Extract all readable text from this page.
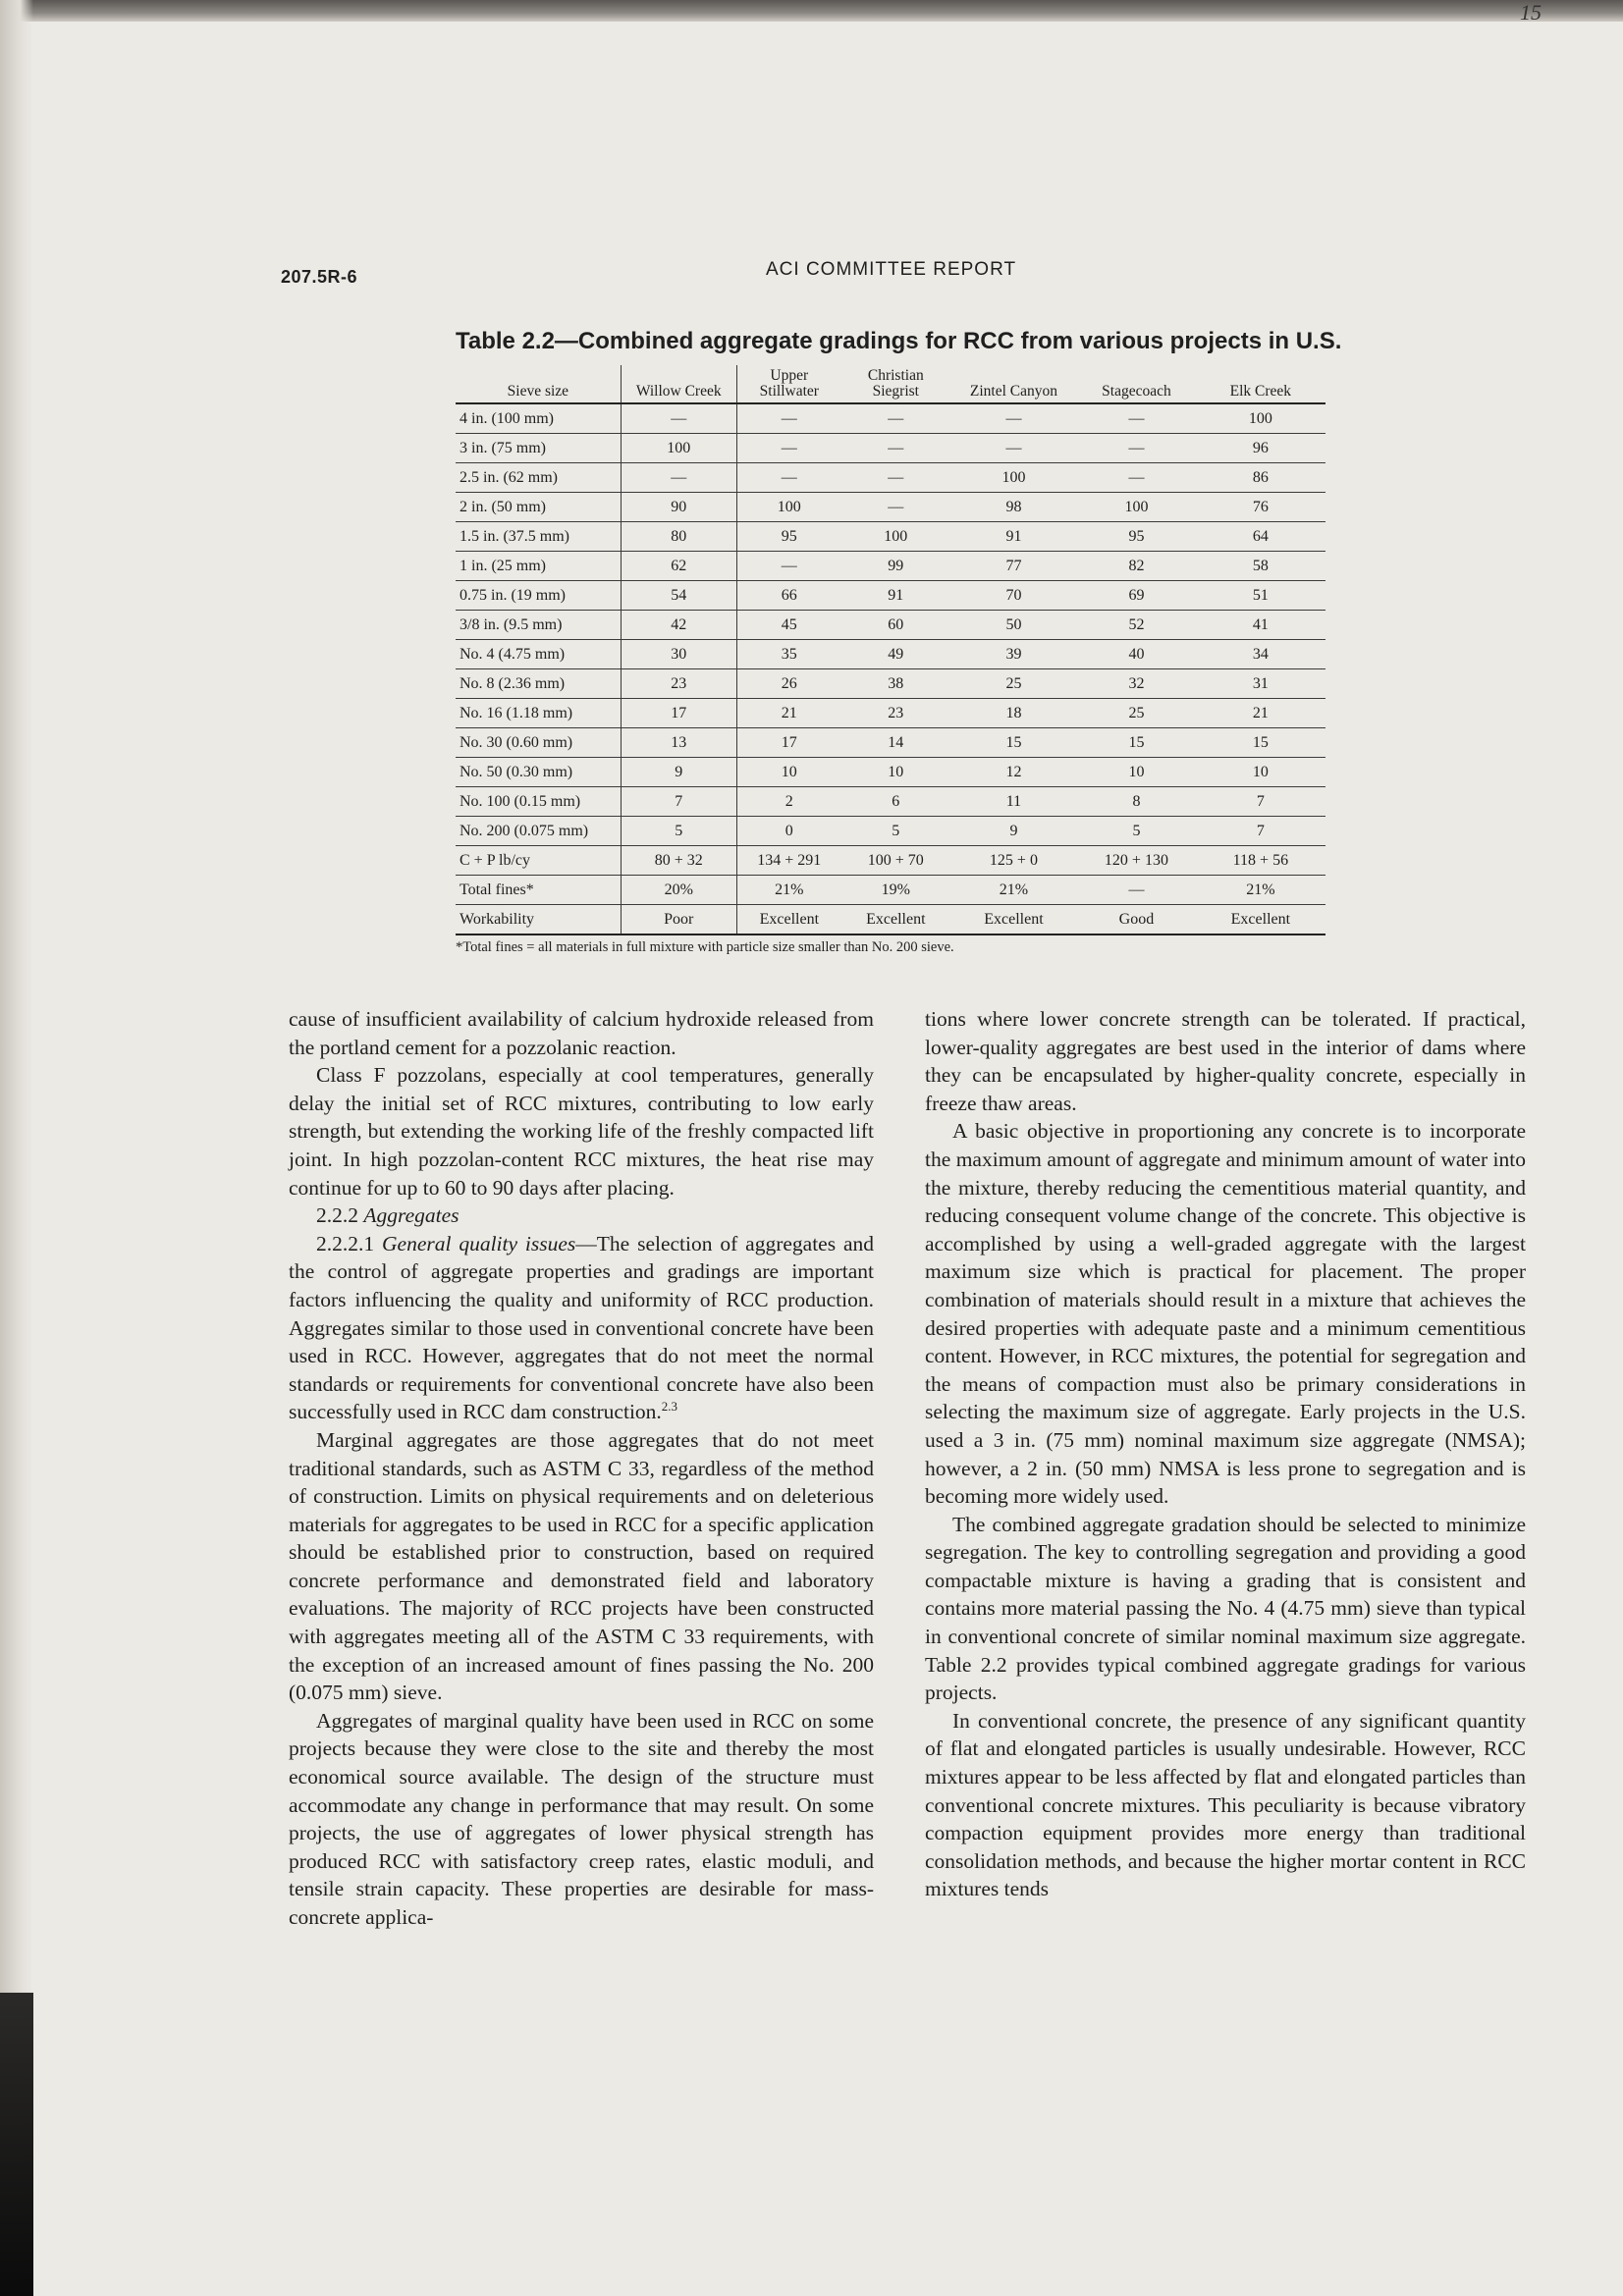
15
207.5R-6	ACI COMMITTEE REPORT
Table 2.2—Combined aggregate gradings for RCC from various projects in U.S.
Sieve size	Willow Creek	Upper Stillwater	Christian Siegrist	Zintel Canyon	Stagecoach	Elk Creek
4 in. (100 mm)	—	—	—	—	—	100
3 in. (75 mm)	100	—	—	—	—	96
2.5 in. (62 mm)	—	—	—	100	—	86
2 in. (50 mm)	90	100	—	98	100	76
1.5 in. (37.5 mm)	80	95	100	91	95	64
1 in. (25 mm)	62	—	99	77	82	58
0.75 in. (19 mm)	54	66	91	70	69	51
3/8 in. (9.5 mm)	42	45	60	50	52	41
No. 4 (4.75 mm)	30	35	49	39	40	34
No. 8 (2.36 mm)	23	26	38	25	32	31
No. 16 (1.18 mm)	17	21	23	18	25	21
No. 30 (0.60 mm)	13	17	14	15	15	15
No. 50 (0.30 mm)	9	10	10	12	10	10
No. 100 (0.15 mm)	7	2	6	11	8	7
No. 200 (0.075 mm)	5	0	5	9	5	7
C + P lb/cy	80 + 32	134 + 291	100 + 70	125 + 0	120 + 130	118 + 56
Total fines*	20%	21%	19%	21%	—	21%
Workability	Poor	Excellent	Excellent	Excellent	Good	Excellent
*Total fines = all materials in full mixture with particle size smaller than No. 200 sieve.

cause of insufficient availability of calcium hydroxide released from the portland cement for a pozzolanic reaction.

Class F pozzolans, especially at cool temperatures, generally delay the initial set of RCC mixtures, contributing to low early strength, but extending the working life of the freshly compacted lift joint. In high pozzolan-content RCC mixtures, the heat rise may continue for up to 60 to 90 days after placing.

2.2.2 Aggregates

2.2.2.1 General quality issues—The selection of aggregates and the control of aggregate properties and gradings are important factors influencing the quality and uniformity of RCC production. Aggregates similar to those used in conventional concrete have been used in RCC. However, aggregates that do not meet the normal standards or requirements for conventional concrete have also been successfully used in RCC dam construction.$^{2.3}$

Marginal aggregates are those aggregates that do not meet traditional standards, such as ASTM C 33, regardless of the method of construction. Limits on physical requirements and on deleterious materials for aggregates to be used in RCC for a specific application should be established prior to construction, based on required concrete performance and demonstrated field and laboratory evaluations. The majority of RCC projects have been constructed with aggregates meeting all of the ASTM C 33 requirements, with the exception of an increased amount of fines passing the No. 200 (0.075 mm) sieve.

Aggregates of marginal quality have been used in RCC on some projects because they were close to the site and thereby the most economical source available. The design of the structure must accommodate any change in performance that may result. On some projects, the use of aggregates of lower physical strength has produced RCC with satisfactory creep rates, elastic moduli, and tensile strain capacity. These properties are desirable for mass-concrete applica-

tions where lower concrete strength can be tolerated. If practical, lower-quality aggregates are best used in the interior of dams where they can be encapsulated by higher-quality concrete, especially in freeze thaw areas.

A basic objective in proportioning any concrete is to incorporate the maximum amount of aggregate and minimum amount of water into the mixture, thereby reducing the cementitious material quantity, and reducing consequent volume change of the concrete. This objective is accomplished by using a well-graded aggregate with the largest maximum size which is practical for placement. The proper combination of materials should result in a mixture that achieves the desired properties with adequate paste and a minimum cementitious content. However, in RCC mixtures, the potential for segregation and the means of compaction must also be primary considerations in selecting the maximum size of aggregate. Early projects in the U.S. used a 3 in. (75 mm) nominal maximum size aggregate (NMSA); however, a 2 in. (50 mm) NMSA is less prone to segregation and is becoming more widely used.

The combined aggregate gradation should be selected to minimize segregation. The key to controlling segregation and providing a good compactable mixture is having a grading that is consistent and contains more material passing the No. 4 (4.75 mm) sieve than typical in conventional concrete of similar nominal maximum size aggregate. Table 2.2 provides typical combined aggregate gradings for various projects.

In conventional concrete, the presence of any significant quantity of flat and elongated particles is usually undesirable. However, RCC mixtures appear to be less affected by flat and elongated particles than conventional concrete mixtures. This peculiarity is because vibratory compaction equipment provides more energy than traditional consolidation methods, and because the higher mortar content in RCC mixtures tends
